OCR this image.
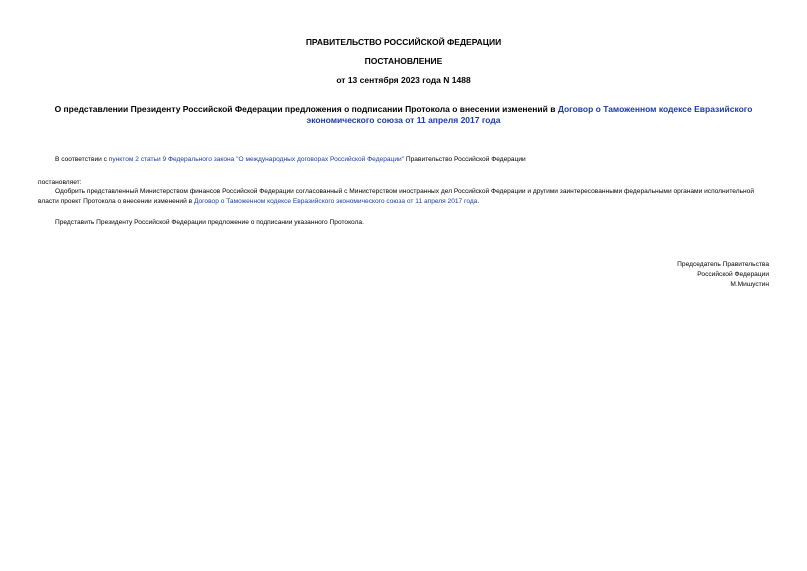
ПРАВИТЕЛЬСТВО РОССИЙСКОЙ ФЕДЕРАЦИИ
ПОСТАНОВЛЕНИЕ
от 13 сентября 2023 года N 1488
О представлении Президенту Российской Федерации предложения о подписании Протокола о внесении изменений в Договор о Таможенном кодексе Евразийского экономического союза от 11 апреля 2017 года
В соответствии с пунктом 2 статьи 9 Федерального закона "О международных договорах Российской Федерации" Правительство Российской Федерации
постановляет:
Одобрить представленный Министерством финансов Российской Федерации согласованный с Министерством иностранных дел Российской Федерации и другими заинтересованными федеральными органами исполнительной власти проект Протокола о внесении изменений в Договор о Таможенном кодексе Евразийского экономического союза от 11 апреля 2017 года.
Представить Президенту Российской Федерации предложение о подписании указанного Протокола.
Председатель Правительства
Российской Федерации
М.Мишустин
